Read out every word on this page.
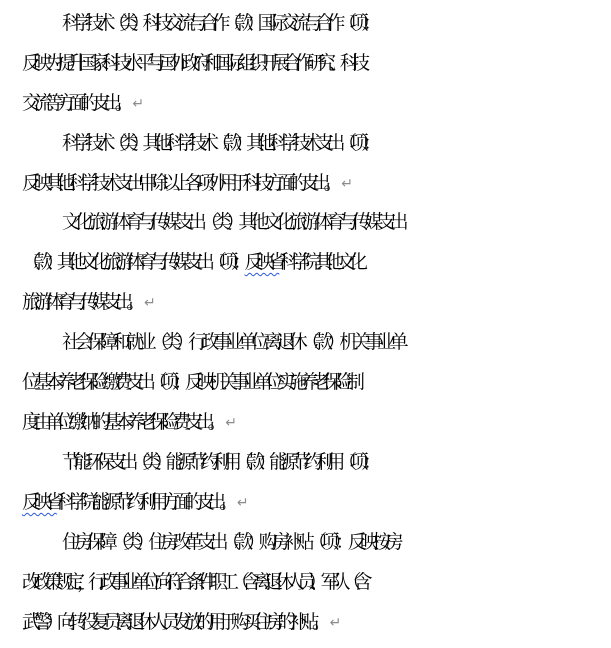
科学技术（类）科技交流与合作（款）国际交流与合作（项）：
反映为提升国家科技水平与国外政府和国际组织开展合作研究、科技
交流等方面的支出。 ↵
科学技术（类）其他科学技术（款）其他科学技术支出（项）：
反映其他科学技术支出中除以上各项外用于科技方面的支出。 ↵
文化旅游体育与传媒支出（类）其他文化旅游体育与传媒支出
（款）其他文化旅游体育与传媒支出（项）：反映省科学院其他文化
旅游体育与传媒支出。 ↵
社会保障和就业（类）行政事业单位离退休（款）机关事业单
位基本养老保险缴费支出（项）：反映机关事业单位实施养老保险制
度由单位缴纳的基本养老保险费支出。 ↵
节能环保支出（类）能源节约利用（款）能源节约利用（项）：
反映省科学院能源节约利用方面的支出。 ↵
住房保障（类）住房改革支出（款）购房补贴（项）：反映按房
改政策规定，行政事业单位向符合条件职工（含离退休人员）、军队（含
武警）向转役复员离退休人员发放的用于购买住房的补贴。 ↵
